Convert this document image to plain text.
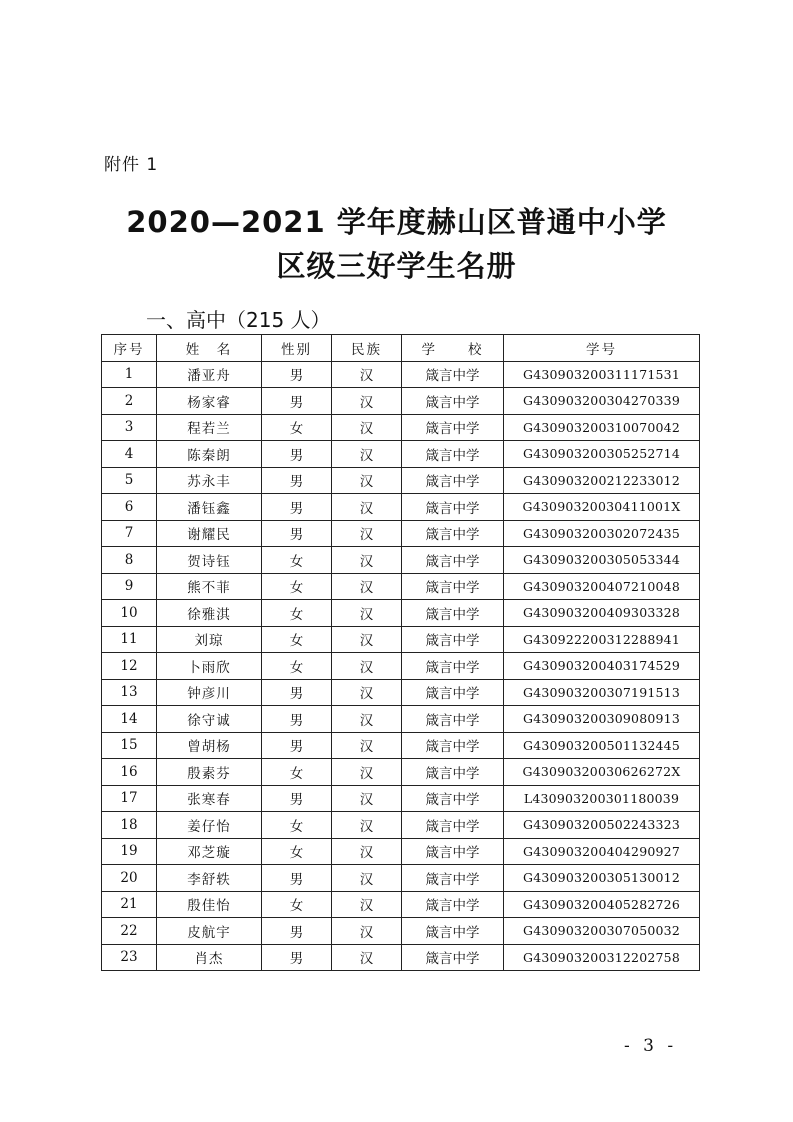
附件 1
2020—2021 学年度赫山区普通中小学
区级三好学生名册
一、高中（215 人）
序号	姓　名	性别	民族	学　　校	学号
1	潘亚舟	男	汉	箴言中学	G430903200311171531
2	杨家睿	男	汉	箴言中学	G430903200304270339
3	程若兰	女	汉	箴言中学	G430903200310070042
4	陈秦朗	男	汉	箴言中学	G430903200305252714
5	苏永丰	男	汉	箴言中学	G430903200212233012
6	潘钰鑫	男	汉	箴言中学	G43090320030411001X
7	谢耀民	男	汉	箴言中学	G430903200302072435
8	贺诗钰	女	汉	箴言中学	G430903200305053344
9	熊不菲	女	汉	箴言中学	G430903200407210048
10	徐雅淇	女	汉	箴言中学	G430903200409303328
11	刘琼	女	汉	箴言中学	G430922200312288941
12	卜雨欣	女	汉	箴言中学	G430903200403174529
13	钟彦川	男	汉	箴言中学	G430903200307191513
14	徐守诚	男	汉	箴言中学	G430903200309080913
15	曾胡杨	男	汉	箴言中学	G430903200501132445
16	殷素芬	女	汉	箴言中学	G43090320030626272X
17	张寒春	男	汉	箴言中学	L430903200301180039
18	姜仔怡	女	汉	箴言中学	G430903200502243323
19	邓芝璇	女	汉	箴言中学	G430903200404290927
20	李舒轶	男	汉	箴言中学	G430903200305130012
21	殷佳怡	女	汉	箴言中学	G430903200405282726
22	皮航宇	男	汉	箴言中学	G430903200307050032
23	肖杰	男	汉	箴言中学	G430903200312202758
- 3 -
